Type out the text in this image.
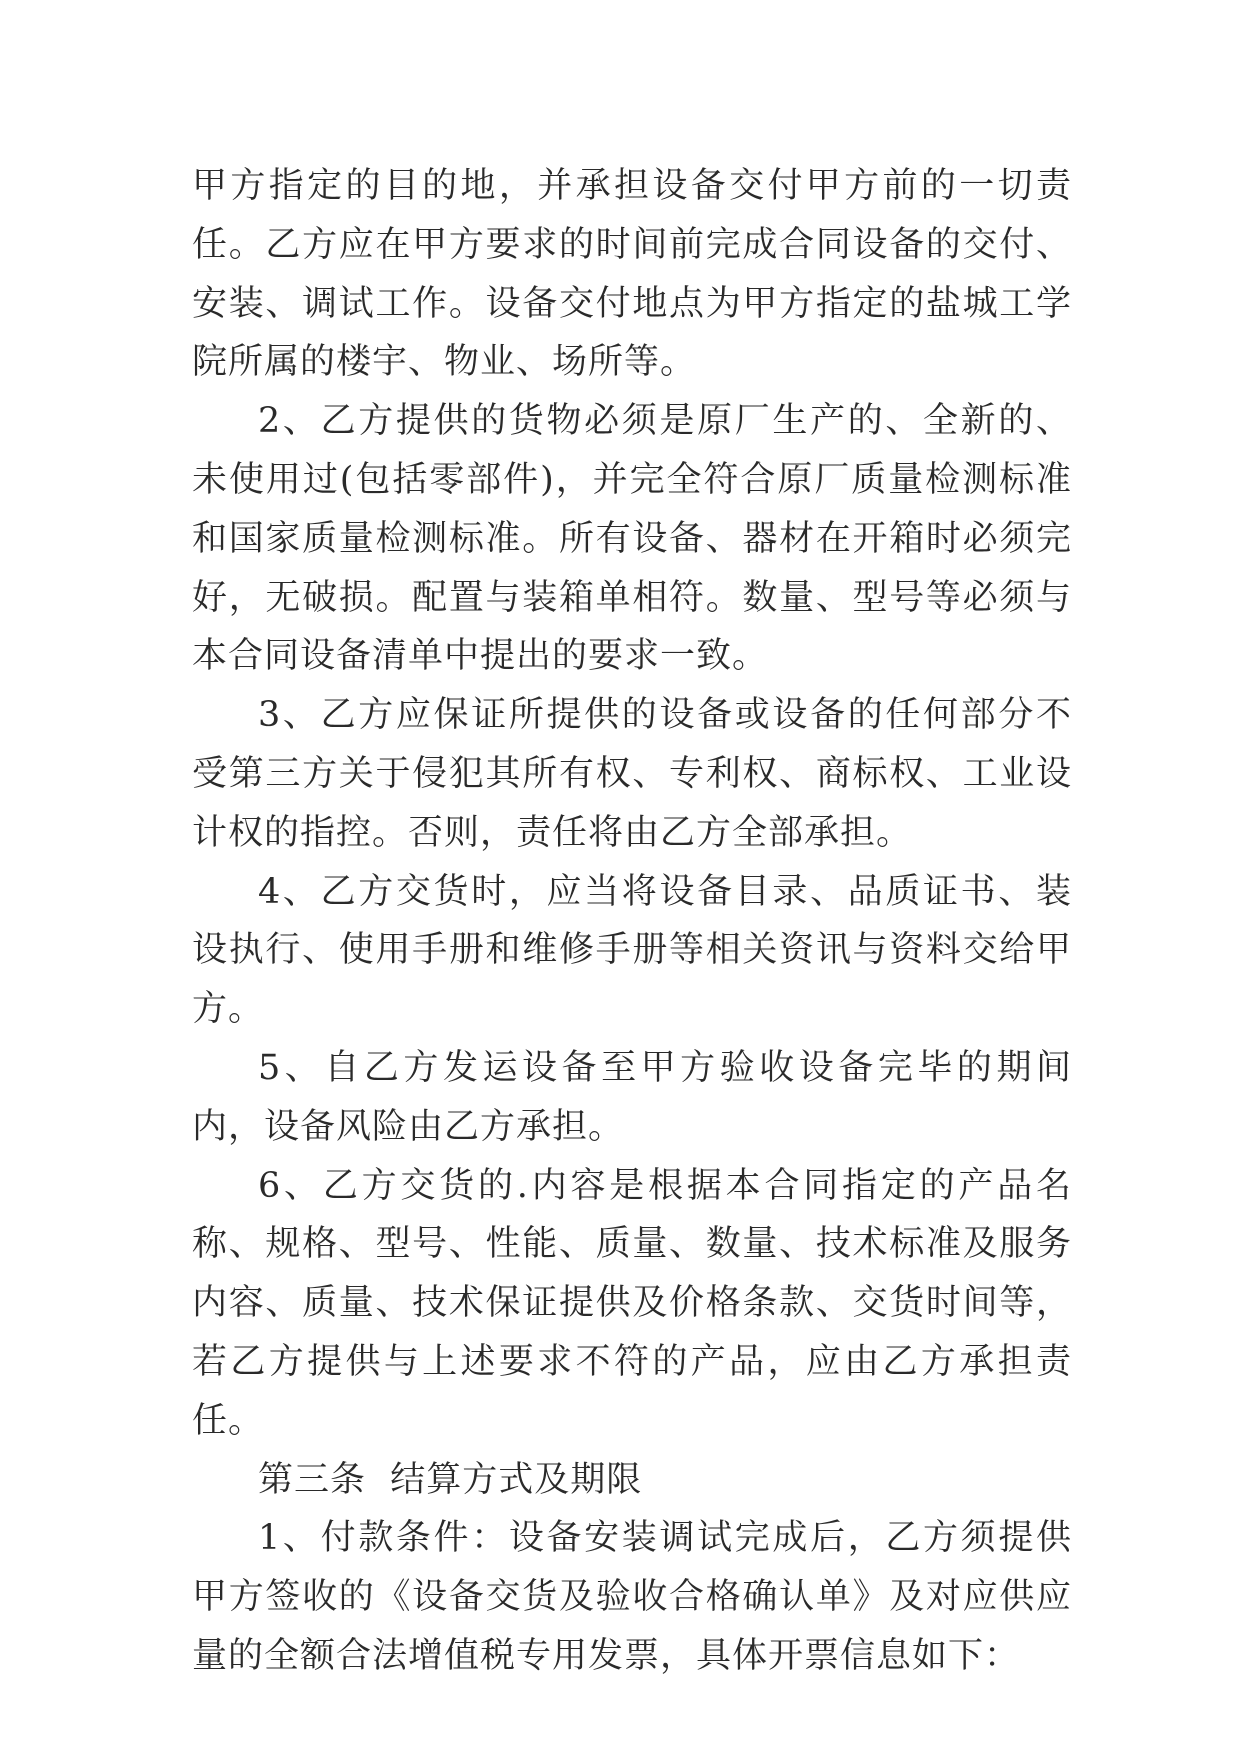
甲方指定的目的地，并承担设备交付甲方前的一切责任。乙方应在甲方要求的时间前完成合同设备的交付、安装、调试工作。设备交付地点为甲方指定的盐城工学院所属的楼宇、物业、场所等。

2、乙方提供的货物必须是原厂生产的、全新的、未使用过(包括零部件)，并完全符合原厂质量检测标准和国家质量检测标准。所有设备、器材在开箱时必须完好，无破损。配置与装箱单相符。数量、型号等必须与本合同设备清单中提出的要求一致。

3、乙方应保证所提供的设备或设备的任何部分不受第三方关于侵犯其所有权、专利权、商标权、工业设计权的指控。否则，责任将由乙方全部承担。

4、乙方交货时，应当将设备目录、品质证书、装设执行、使用手册和维修手册等相关资讯与资料交给甲方。

5、自乙方发运设备至甲方验收设备完毕的期间内，设备风险由乙方承担。

6、乙方交货的.内容是根据本合同指定的产品名称、规格、型号、性能、质量、数量、技术标准及服务内容、质量、技术保证提供及价格条款、交货时间等，若乙方提供与上述要求不符的产品，应由乙方承担责任。

第三条  结算方式及期限

1、付款条件：设备安装调试完成后，乙方须提供甲方签收的《设备交货及验收合格确认单》及对应供应量的全额合法增值税专用发票，具体开票信息如下：
